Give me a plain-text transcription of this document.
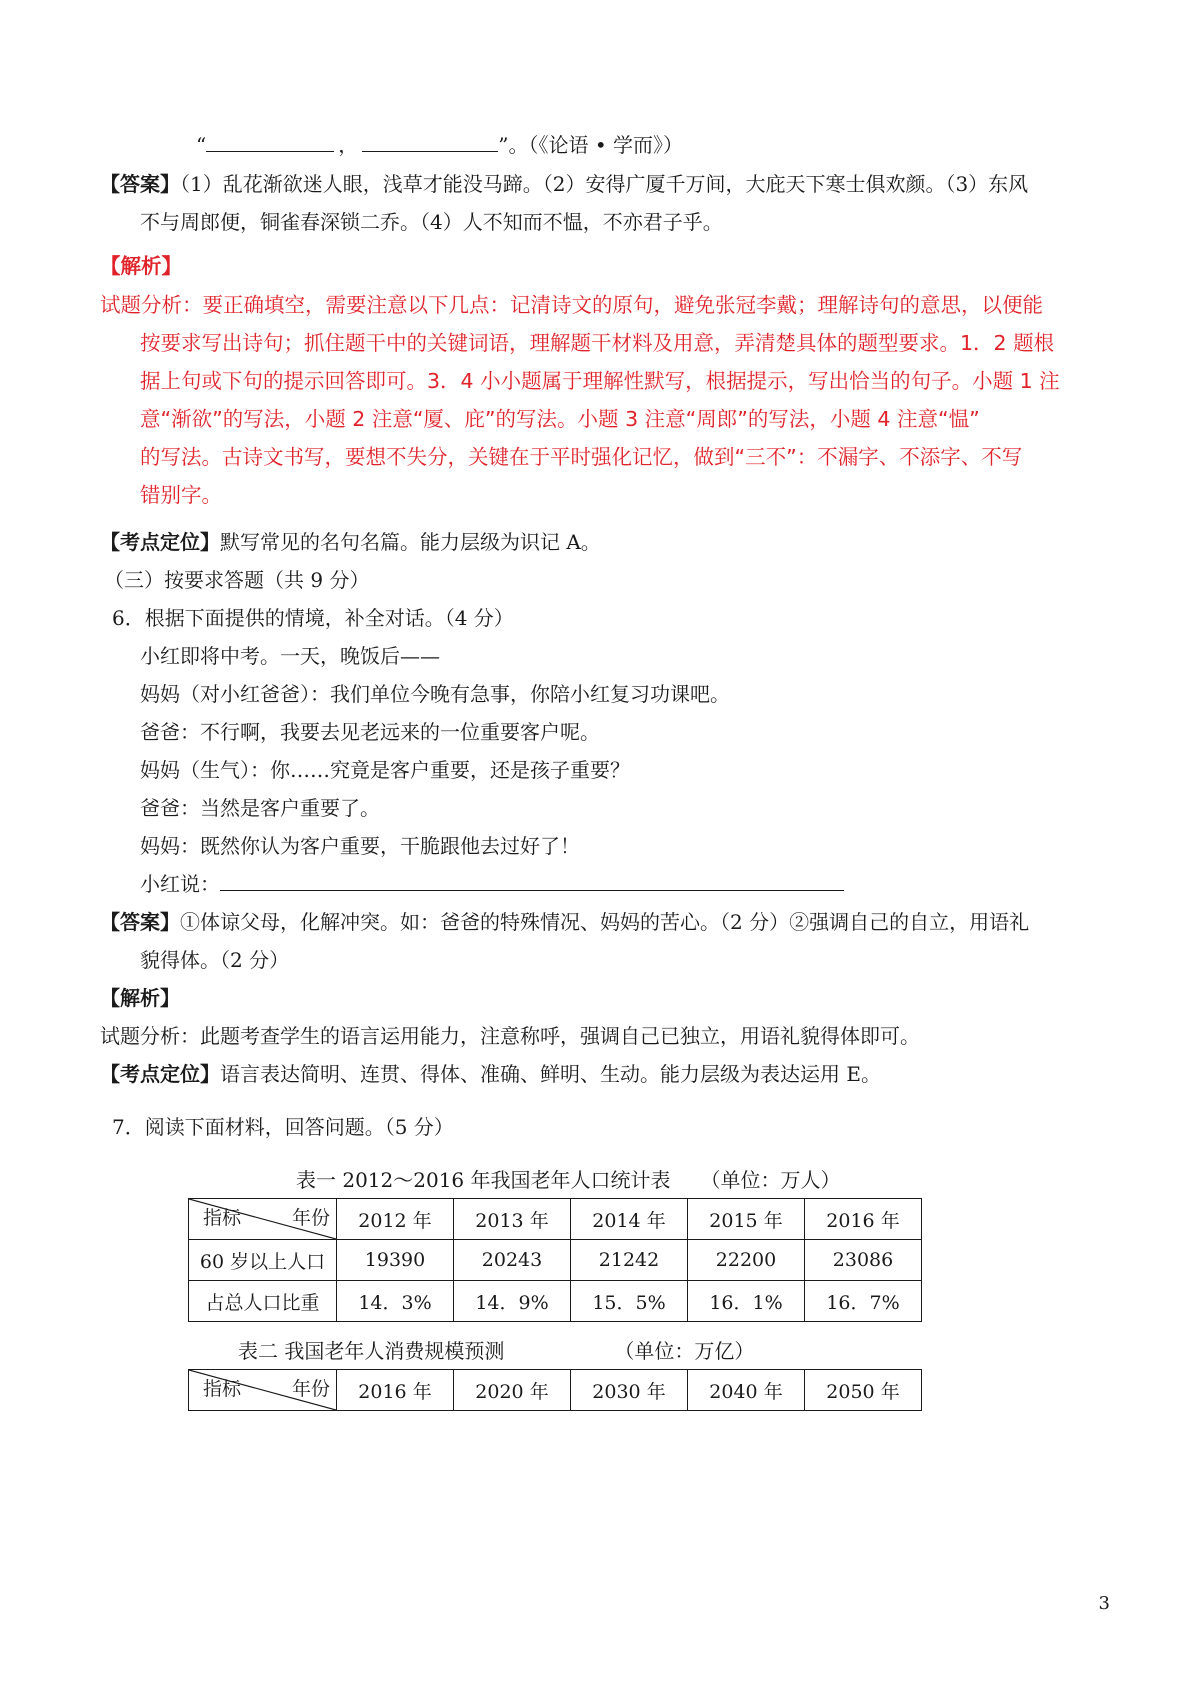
“	，	”。（《论语 • 学而》）
【答案】（1）乱花渐欲迷人眼，浅草才能没马蹄。（2）安得广厦千万间，大庇天下寒士俱欢颜。（3）东风
不与周郎便，铜雀春深锁二乔。（4）人不知而不愠，不亦君子乎。
【解析】
试题分析：要正确填空，需要注意以下几点：记清诗文的原句，避免张冠李戴；理解诗句的意思，以便能
按要求写出诗句；抓住题干中的关键词语，理解题干材料及用意，弄清楚具体的题型要求。1．2 题根
据上句或下句的提示回答即可。3．4 小小题属于理解性默写，根据提示，写出恰当的句子。小题 1 注
意“渐欲”的写法，小题 2 注意“厦、庇”的写法。小题 3 注意“周郎”的写法，小题 4 注意“愠”
的写法。古诗文书写，要想不失分，关键在于平时强化记忆，做到“三不”：不漏字、不添字、不写
错别字。
【考点定位】默写常见的名句名篇。能力层级为识记 A。
（三）按要求答题（共 9 分）
6．根据下面提供的情境，补全对话。（4 分）
小红即将中考。一天，晚饭后——
妈妈（对小红爸爸）：我们单位今晚有急事，你陪小红复习功课吧。
爸爸：不行啊，我要去见老远来的一位重要客户呢。
妈妈（生气）：你……究竟是客户重要，还是孩子重要？
爸爸：当然是客户重要了。
妈妈：既然你认为客户重要，干脆跟他去过好了！
小红说：
【答案】①体谅父母，化解冲突。如：爸爸的特殊情况、妈妈的苦心。（2 分）②强调自己的自立，用语礼
貌得体。（2 分）
【解析】
试题分析：此题考查学生的语言运用能力，注意称呼，强调自己已独立，用语礼貌得体即可。
【考点定位】语言表达简明、连贯、得体、准确、鲜明、生动。能力层级为表达运用 E。
7．阅读下面材料，回答问题。（5 分）
表一 2012～2016 年我国老年人口统计表　　（单位：万人）
指标 年份	2012 年	2013 年	2014 年	2015 年	2016 年
60 岁以上人口	19390	20243	21242	22200	23086
占总人口比重	14．3%	14．9%	15．5%	16．1%	16．7%
表二 我国老年人消费规模预测　　　　　　（单位：万亿）
指标	年份	2016 年	2020 年	2030 年	2040 年	2050 年
3
